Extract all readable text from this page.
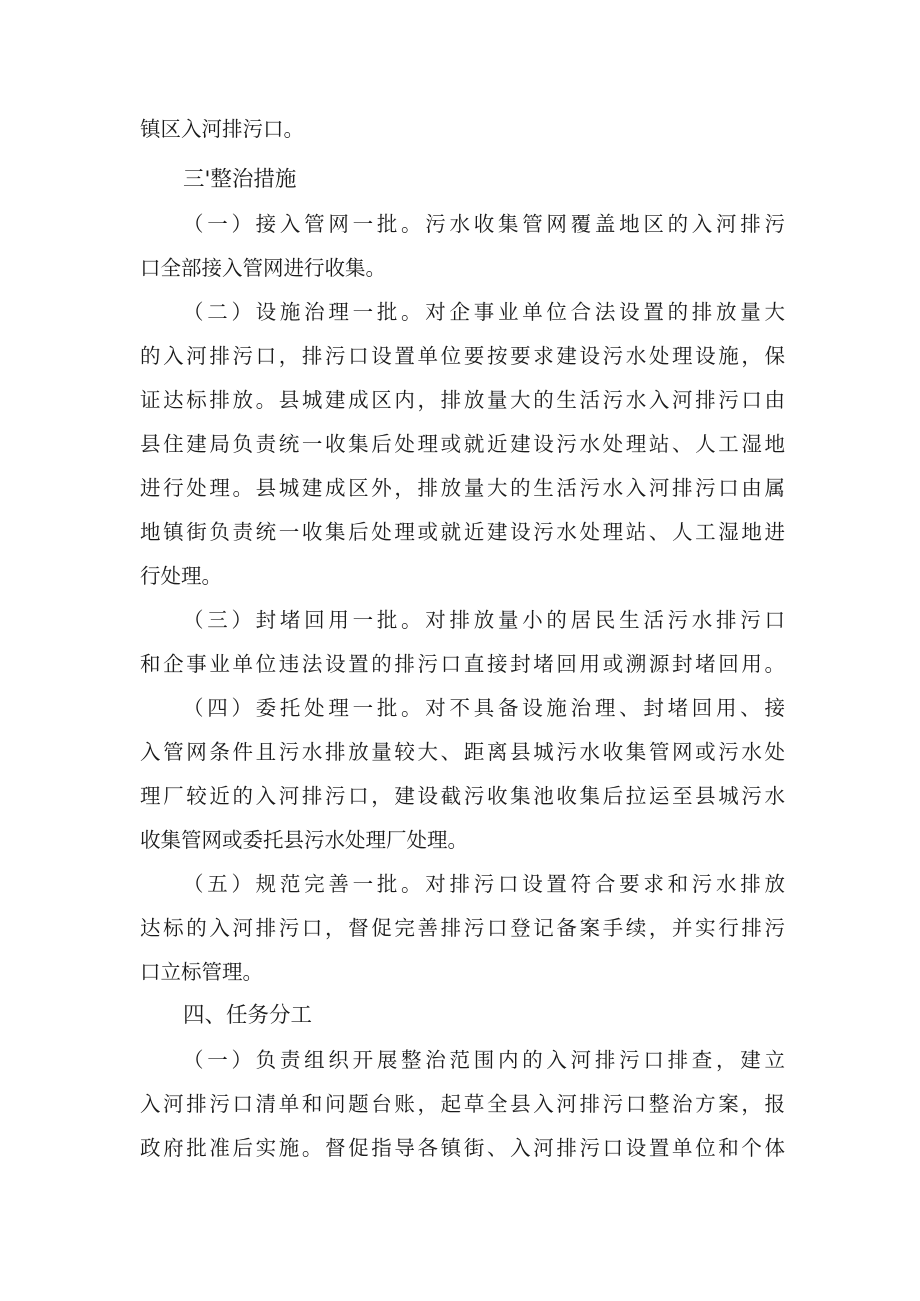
镇区入河排污口。
三'整治措施
（一）接入管网一批。污水收集管网覆盖地区的入河排污
口全部接入管网进行收集。
（二）设施治理一批。对企事业单位合法设置的排放量大
的入河排污口，排污口设置单位要按要求建设污水处理设施，保
证达标排放。县城建成区内，排放量大的生活污水入河排污口由
县住建局负责统一收集后处理或就近建设污水处理站、人工湿地
进行处理。县城建成区外，排放量大的生活污水入河排污口由属
地镇街负责统一收集后处理或就近建设污水处理站、人工湿地进
行处理。
（三）封堵回用一批。对排放量小的居民生活污水排污口
和企事业单位违法设置的排污口直接封堵回用或溯源封堵回用。
（四）委托处理一批。对不具备设施治理、封堵回用、接
入管网条件且污水排放量较大、距离县城污水收集管网或污水处
理厂较近的入河排污口，建设截污收集池收集后拉运至县城污水
收集管网或委托县污水处理厂处理。
（五）规范完善一批。对排污口设置符合要求和污水排放
达标的入河排污口，督促完善排污口登记备案手续，并实行排污
口立标管理。
四、任务分工
（一）负责组织开展整治范围内的入河排污口排查，建立
入河排污口清单和问题台账，起草全县入河排污口整治方案，报
政府批准后实施。督促指导各镇街、入河排污口设置单位和个体
